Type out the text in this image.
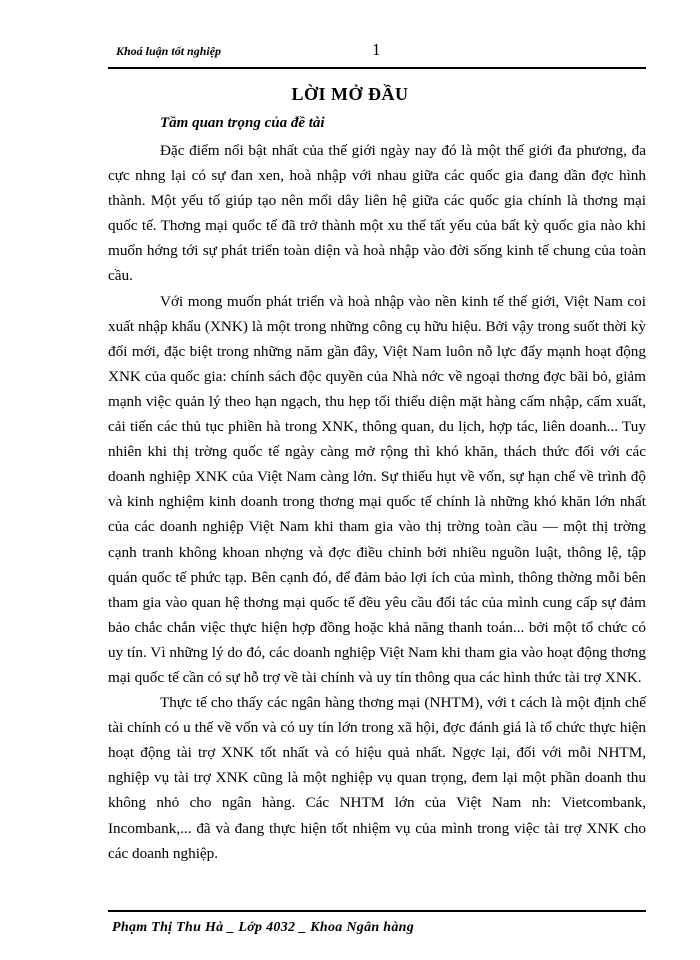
Khoá luận tốt nghiệp	1
LỜI MỞ ĐẦU
Tầm quan trọng của đề tài

Đặc điểm nổi bật nhất của thế giới ngày nay đó là một thế giới đa phương, đa cực nhng lại có sự đan xen, hoà nhập với nhau giữa các quốc gia đang dần đợc hình thành. Một yếu tố giúp tạo nên mối dây liên hệ giữa các quốc gia chính là thơng mại quốc tế. Thơng mại quốc tế đã trở thành một xu thế tất yếu của bất kỳ quốc gia nào khi muốn hớng tới sự phát triển toàn diện và hoà nhập vào đời sống kinh tế chung của toàn cầu.

Với mong muốn phát triển và hoà nhập vào nền kinh tế thế giới, Việt Nam coi xuất nhập khẩu (XNK) là một trong những công cụ hữu hiệu. Bởi vậy trong suốt thời kỳ đổi mới, đặc biệt trong những năm gần đây, Việt Nam luôn nỗ lực đẩy mạnh hoạt động XNK của quốc gia: chính sách độc quyền của Nhà nớc về ngoại thơng đợc bãi bỏ, giảm mạnh việc quản lý theo hạn ngạch, thu hẹp tối thiểu diện mặt hàng cấm nhập, cấm xuất, cải tiến các thủ tục phiền hà trong XNK, thông quan, du lịch, hợp tác, liên doanh... Tuy nhiên khi thị trờng quốc tế ngày càng mở rộng thì khó khăn, thách thức đối với các doanh nghiệp XNK của Việt Nam càng lớn. Sự thiếu hụt về vốn, sự hạn chế về trình độ và kinh nghiệm kinh doanh trong thơng mại quốc tế chính là những khó khăn lớn nhất của các doanh nghiệp Việt Nam khi tham gia vào thị trờng toàn cầu — một thị trờng cạnh tranh không khoan nhợng và đợc điều chỉnh bởi nhiều nguồn luật, thông lệ, tập quán quốc tế phức tạp. Bên cạnh đó, để đảm bảo lợi ích của mình, thông thờng mỗi bên tham gia vào quan hệ thơng mại quốc tế đều yêu cầu đối tác của mình cung cấp sự đảm bảo chắc chắn việc thực hiện hợp đồng hoặc khả năng thanh toán... bởi một tổ chức có uy tín. Vì những lý do đó, các doanh nghiệp Việt Nam khi tham gia vào hoạt động thơng mại quốc tế cần có sự hỗ trợ về tài chính và uy tín thông qua các hình thức tài trợ XNK.

Thực tế cho thấy các ngân hàng thơng mại (NHTM), với t cách là một định chế tài chính có u thế về vốn và có uy tín lớn trong xã hội, đợc đánh giá là tổ chức thực hiện hoạt động tài trợ XNK tốt nhất và có hiệu quả nhất. Ngợc lại, đối với mỗi NHTM, nghiệp vụ tài trợ XNK cũng là một nghiệp vụ quan trọng, đem lại một phần doanh thu không nhỏ cho ngân hàng. Các NHTM lớn của Việt Nam nh: Vietcombank, Incombank,... đã và đang thực hiện tốt nhiệm vụ của mình trong việc tài trợ XNK cho các doanh nghiệp.

Phạm Thị Thu Hà _ Lớp 4032 _ Khoa Ngân hàng
